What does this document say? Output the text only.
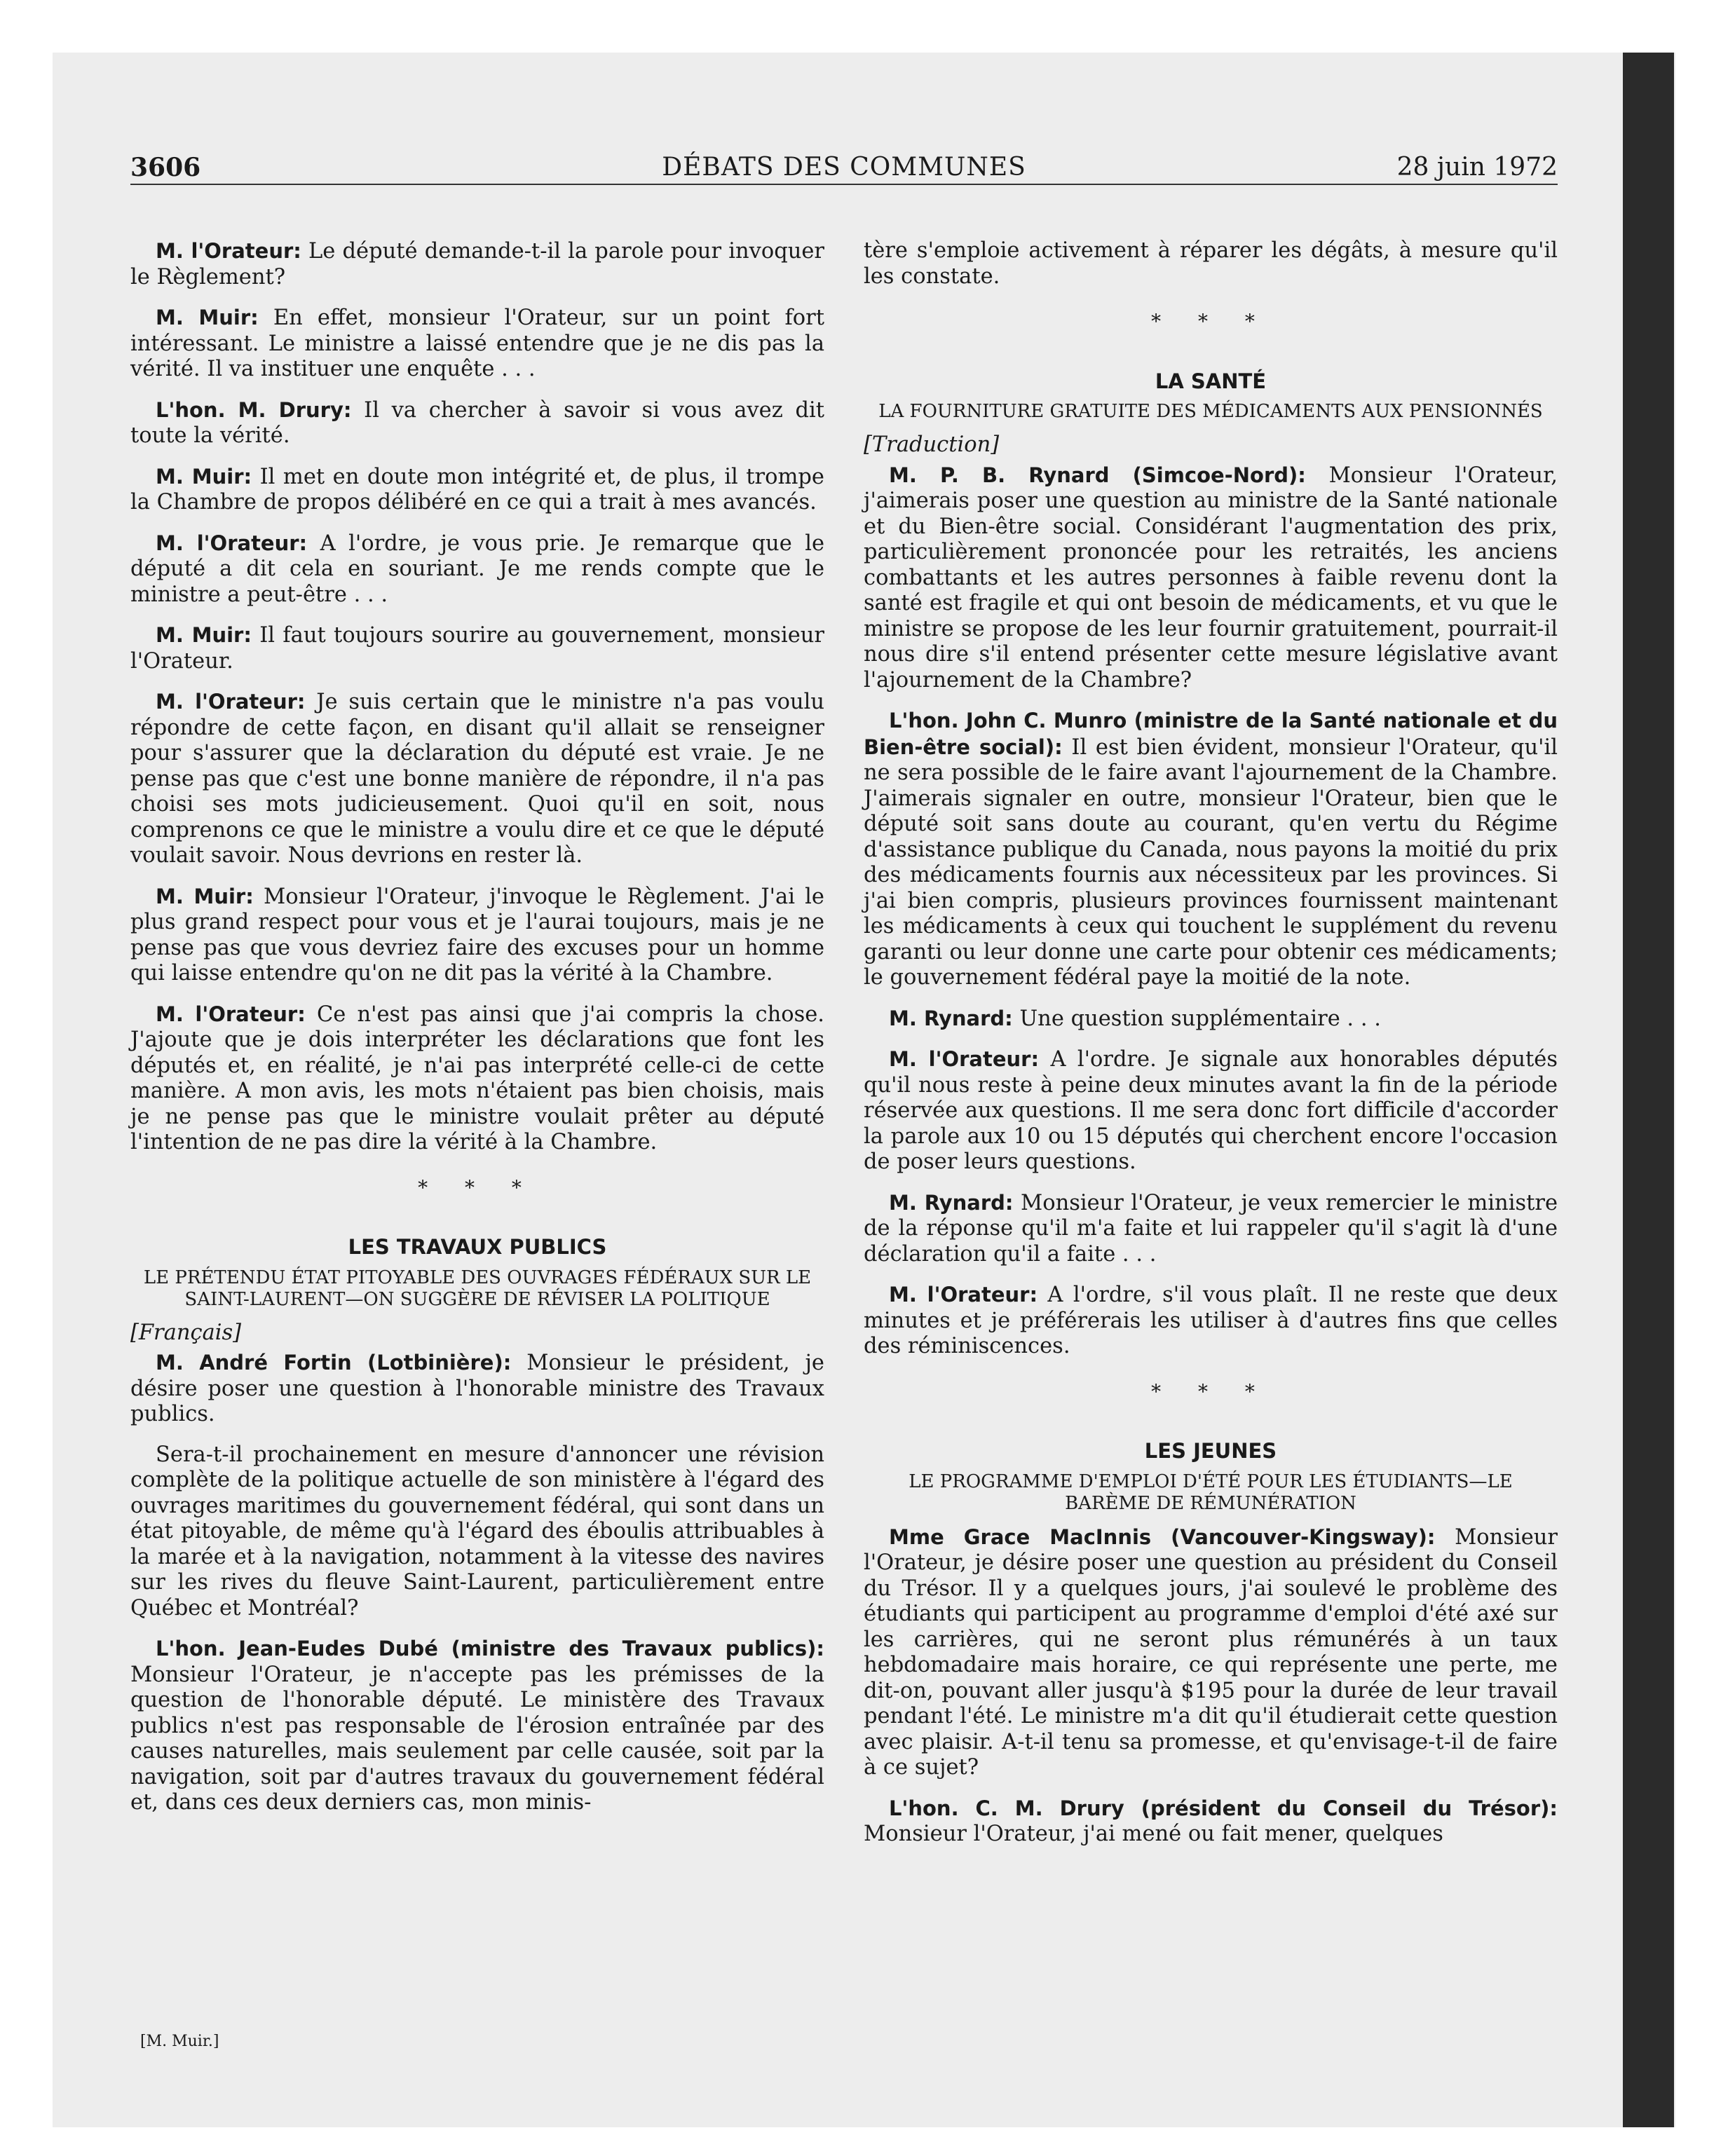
3606	DÉBATS DES COMMUNES	28 juin 1972

M. l'Orateur: Le député demande-t-il la parole pour invoquer le Règlement?

M. Muir: En effet, monsieur l'Orateur, sur un point fort intéressant. Le ministre a laissé entendre que je ne dis pas la vérité. Il va instituer une enquête . . .

L'hon. M. Drury: Il va chercher à savoir si vous avez dit toute la vérité.

M. Muir: Il met en doute mon intégrité et, de plus, il trompe la Chambre de propos délibéré en ce qui a trait à mes avancés.

M. l'Orateur: A l'ordre, je vous prie. Je remarque que le député a dit cela en souriant. Je me rends compte que le ministre a peut-être . . .

M. Muir: Il faut toujours sourire au gouvernement, monsieur l'Orateur.

M. l'Orateur: Je suis certain que le ministre n'a pas voulu répondre de cette façon, en disant qu'il allait se renseigner pour s'assurer que la déclaration du député est vraie. Je ne pense pas que c'est une bonne manière de répondre, il n'a pas choisi ses mots judicieusement. Quoi qu'il en soit, nous comprenons ce que le ministre a voulu dire et ce que le député voulait savoir. Nous devrions en rester là.

M. Muir: Monsieur l'Orateur, j'invoque le Règlement. J'ai le plus grand respect pour vous et je l'aurai toujours, mais je ne pense pas que vous devriez faire des excuses pour un homme qui laisse entendre qu'on ne dit pas la vérité à la Chambre.

M. l'Orateur: Ce n'est pas ainsi que j'ai compris la chose. J'ajoute que je dois interpréter les déclarations que font les députés et, en réalité, je n'ai pas interprété celle-ci de cette manière. A mon avis, les mots n'étaient pas bien choisis, mais je ne pense pas que le ministre voulait prêter au député l'intention de ne pas dire la vérité à la Chambre.

* * *
LES TRAVAUX PUBLICS
LE PRÉTENDU ÉTAT PITOYABLE DES OUVRAGES FÉDÉRAUX SUR LE SAINT-LAURENT—ON SUGGÈRE DE RÉVISER LA POLITIQUE
[Français]

M. André Fortin (Lotbinière): Monsieur le président, je désire poser une question à l'honorable ministre des Travaux publics.

Sera-t-il prochainement en mesure d'annoncer une révision complète de la politique actuelle de son ministère à l'égard des ouvrages maritimes du gouvernement fédéral, qui sont dans un état pitoyable, de même qu'à l'égard des éboulis attribuables à la marée et à la navigation, notamment à la vitesse des navires sur les rives du fleuve Saint-Laurent, particulièrement entre Québec et Montréal?

L'hon. Jean-Eudes Dubé (ministre des Travaux publics): Monsieur l'Orateur, je n'accepte pas les prémisses de la question de l'honorable député. Le ministère des Travaux publics n'est pas responsable de l'érosion entraînée par des causes naturelles, mais seulement par celle causée, soit par la navigation, soit par d'autres travaux du gouvernement fédéral et, dans ces deux derniers cas, mon minis-

[M. Muir.]

tère s'emploie activement à réparer les dégâts, à mesure qu'il les constate.

* * *
LA SANTÉ
LA FOURNITURE GRATUITE DES MÉDICAMENTS AUX PENSIONNÉS
[Traduction]

M. P. B. Rynard (Simcoe-Nord): Monsieur l'Orateur, j'aimerais poser une question au ministre de la Santé nationale et du Bien-être social. Considérant l'augmentation des prix, particulièrement prononcée pour les retraités, les anciens combattants et les autres personnes à faible revenu dont la santé est fragile et qui ont besoin de médicaments, et vu que le ministre se propose de les leur fournir gratuitement, pourrait-il nous dire s'il entend présenter cette mesure législative avant l'ajournement de la Chambre?

L'hon. John C. Munro (ministre de la Santé nationale et du Bien-être social): Il est bien évident, monsieur l'Orateur, qu'il ne sera possible de le faire avant l'ajournement de la Chambre. J'aimerais signaler en outre, monsieur l'Orateur, bien que le député soit sans doute au courant, qu'en vertu du Régime d'assistance publique du Canada, nous payons la moitié du prix des médicaments fournis aux nécessiteux par les provinces. Si j'ai bien compris, plusieurs provinces fournissent maintenant les médicaments à ceux qui touchent le supplément du revenu garanti ou leur donne une carte pour obtenir ces médicaments; le gouvernement fédéral paye la moitié de la note.

M. Rynard: Une question supplémentaire . . .

M. l'Orateur: A l'ordre. Je signale aux honorables députés qu'il nous reste à peine deux minutes avant la fin de la période réservée aux questions. Il me sera donc fort difficile d'accorder la parole aux 10 ou 15 députés qui cherchent encore l'occasion de poser leurs questions.

M. Rynard: Monsieur l'Orateur, je veux remercier le ministre de la réponse qu'il m'a faite et lui rappeler qu'il s'agit là d'une déclaration qu'il a faite . . .

M. l'Orateur: A l'ordre, s'il vous plaît. Il ne reste que deux minutes et je préférerais les utiliser à d'autres fins que celles des réminiscences.

* * *
LES JEUNES
LE PROGRAMME D'EMPLOI D'ÉTÉ POUR LES ÉTUDIANTS—LE BARÈME DE RÉMUNÉRATION

Mme Grace MacInnis (Vancouver-Kingsway): Monsieur l'Orateur, je désire poser une question au président du Conseil du Trésor. Il y a quelques jours, j'ai soulevé le problème des étudiants qui participent au programme d'emploi d'été axé sur les carrières, qui ne seront plus rémunérés à un taux hebdomadaire mais horaire, ce qui représente une perte, me dit-on, pouvant aller jusqu'à $195 pour la durée de leur travail pendant l'été. Le ministre m'a dit qu'il étudierait cette question avec plaisir. A-t-il tenu sa promesse, et qu'envisage-t-il de faire à ce sujet?

L'hon. C. M. Drury (président du Conseil du Trésor): Monsieur l'Orateur, j'ai mené ou fait mener, quelques
